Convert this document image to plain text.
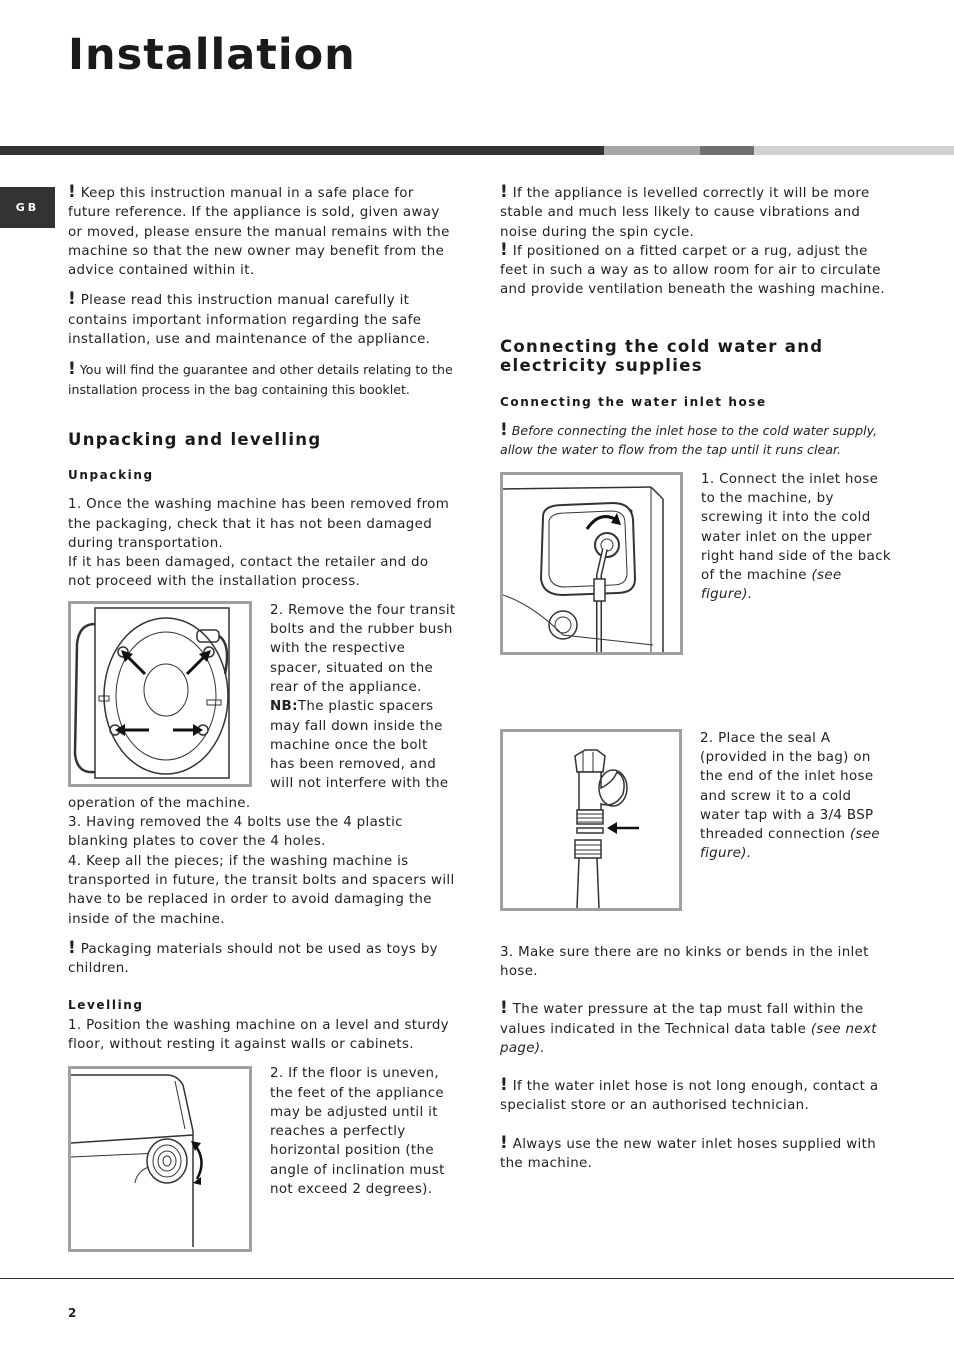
Installation
GB

! Keep this instruction manual in a safe place for future reference. If the appliance is sold, given away or moved, please ensure the manual remains with the machine so that the new owner may benefit from the advice contained within it.

! Please read this instruction manual carefully it contains important information regarding the safe installation, use and maintenance of the appliance.

! You will find the guarantee and other details relating to the installation process in the bag containing this booklet.

Unpacking and levelling
Unpacking

1. Once the washing machine has been removed from the packaging, check that it has not been damaged during transportation.

If it has been damaged, contact the retailer and do not proceed with the installation process.

2. Remove the four transit bolts and the rubber bush with the respective spacer, situated on the rear of the appliance.

NB:The plastic spacers may fall down inside the machine once the bolt has been removed, and will not interfere with the operation of the machine.

3. Having removed the 4 bolts use the 4 plastic blanking plates to cover the 4 holes.

4. Keep all the pieces; if the washing machine is transported in future, the transit bolts and spacers will have to be replaced in order to avoid damaging the inside of the machine.

! Packaging materials should not be used as toys by children.

Levelling

1. Position the washing machine on a level and sturdy floor, without resting it against walls or cabinets.

2. If the floor is uneven, the feet of the appliance may be adjusted until it reaches a perfectly horizontal position (the angle of inclination must not exceed 2 degrees).

! If the appliance is levelled correctly it will be more stable and much less likely to cause vibrations and noise during the spin cycle.

! If positioned on a fitted carpet or a rug, adjust the feet in such a way as to allow room for air to circulate and provide ventilation beneath the washing machine.

Connecting the cold water and electricity supplies
Connecting the water inlet hose

! Before connecting the inlet hose to the cold water supply, allow the water to flow from the tap until it runs clear.

1. Connect the inlet hose to the machine, by screwing it into the cold water inlet on the upper right hand side of the back of the machine (see figure).

2. Place the seal A (provided in the bag) on the end of the inlet hose and screw it to a cold water tap with a 3/4 BSP threaded connection (see figure).

3. Make sure there are no kinks or bends in the inlet hose.

! The water pressure at the tap must fall within the values indicated in the Technical data table (see next page).

! If the water inlet hose is not long enough, contact a specialist store or an authorised technician.

! Always use the new water inlet hoses supplied with the machine.

2
